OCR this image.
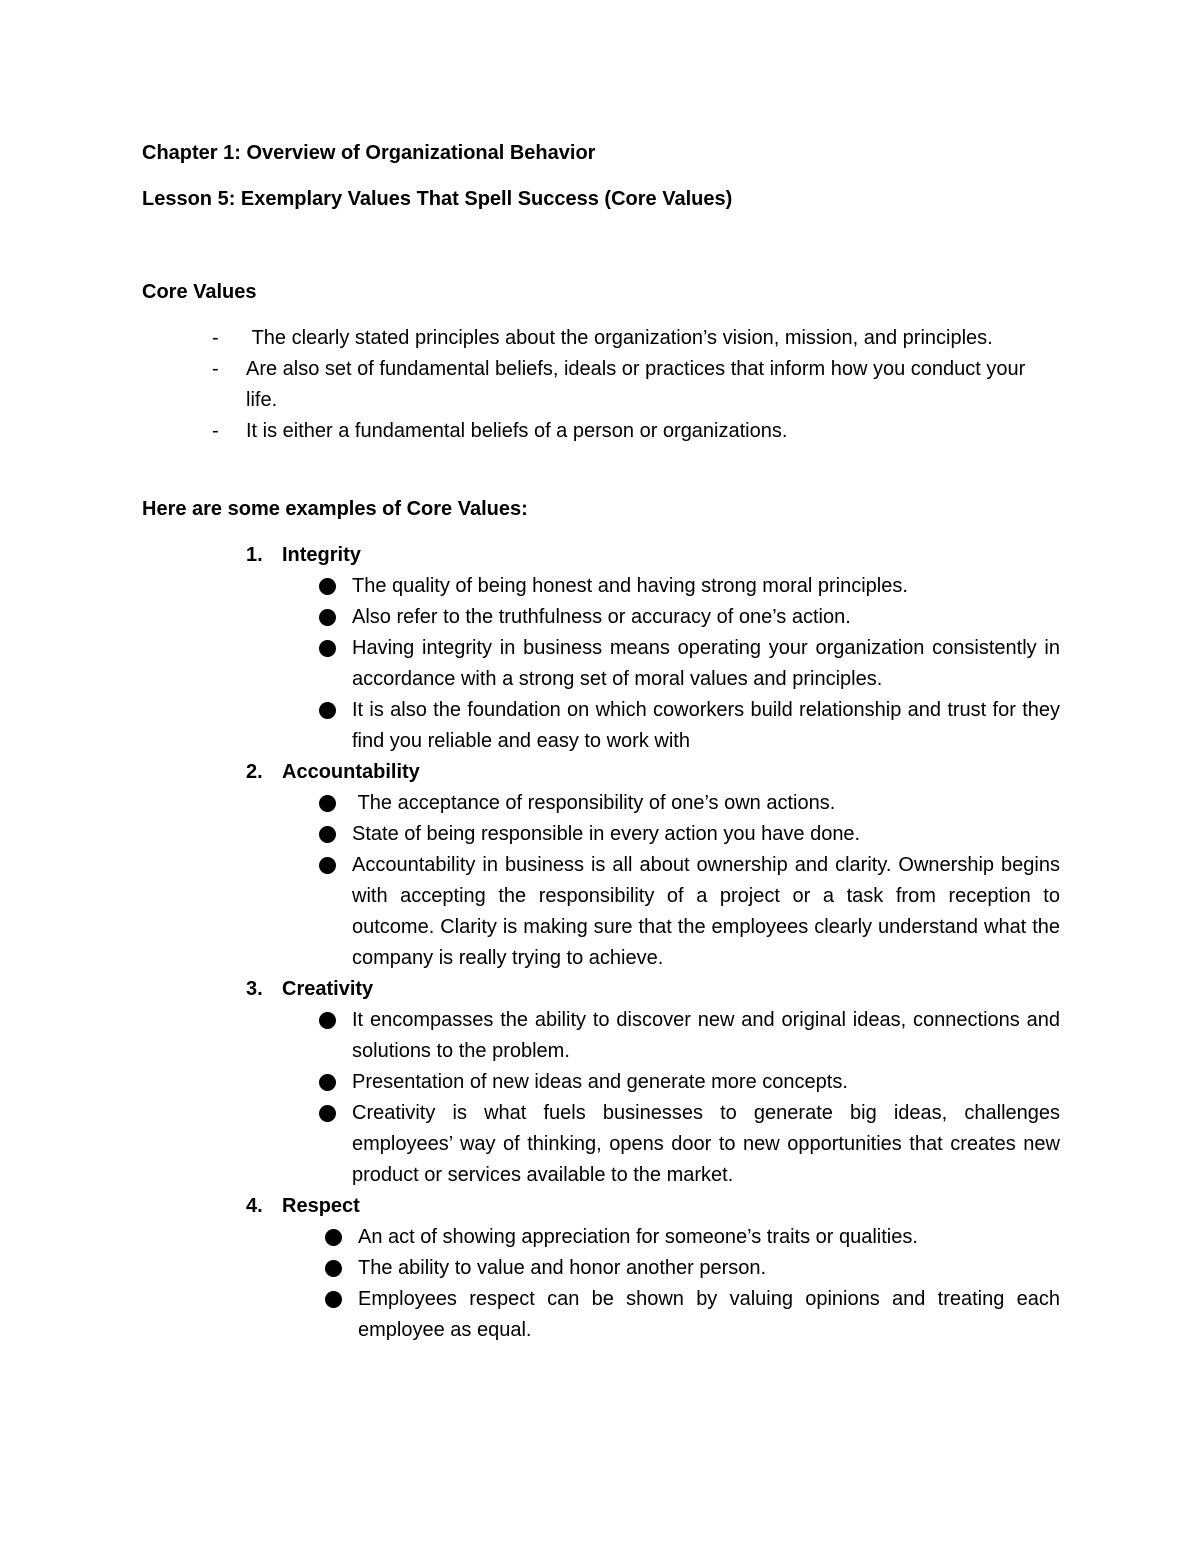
Chapter 1: Overview of Organizational Behavior
Lesson 5: Exemplary Values That Spell Success (Core Values)
Core Values
- The clearly stated principles about the organization’s vision, mission, and principles.
- Are also set of fundamental beliefs, ideals or practices that inform how you conduct your life.
- It is either a fundamental beliefs of a person or organizations.
Here are some examples of Core Values:
1. Integrity
The quality of being honest and having strong moral principles.
Also refer to the truthfulness or accuracy of one’s action.
Having integrity in business means operating your organization consistently in accordance with a strong set of moral values and principles.
It is also the foundation on which coworkers build relationship and trust for they find you reliable and easy to work with
2. Accountability
The acceptance of responsibility of one’s own actions.
State of being responsible in every action you have done.
Accountability in business is all about ownership and clarity. Ownership begins with accepting the responsibility of a project or a task from reception to outcome. Clarity is making sure that the employees clearly understand what the company is really trying to achieve.
3. Creativity
It encompasses the ability to discover new and original ideas, connections and solutions to the problem.
Presentation of new ideas and generate more concepts.
Creativity is what fuels businesses to generate big ideas, challenges employees’ way of thinking, opens door to new opportunities that creates new product or services available to the market.
4. Respect
An act of showing appreciation for someone’s traits or qualities.
The ability to value and honor another person.
Employees respect can be shown by valuing opinions and treating each employee as equal.
